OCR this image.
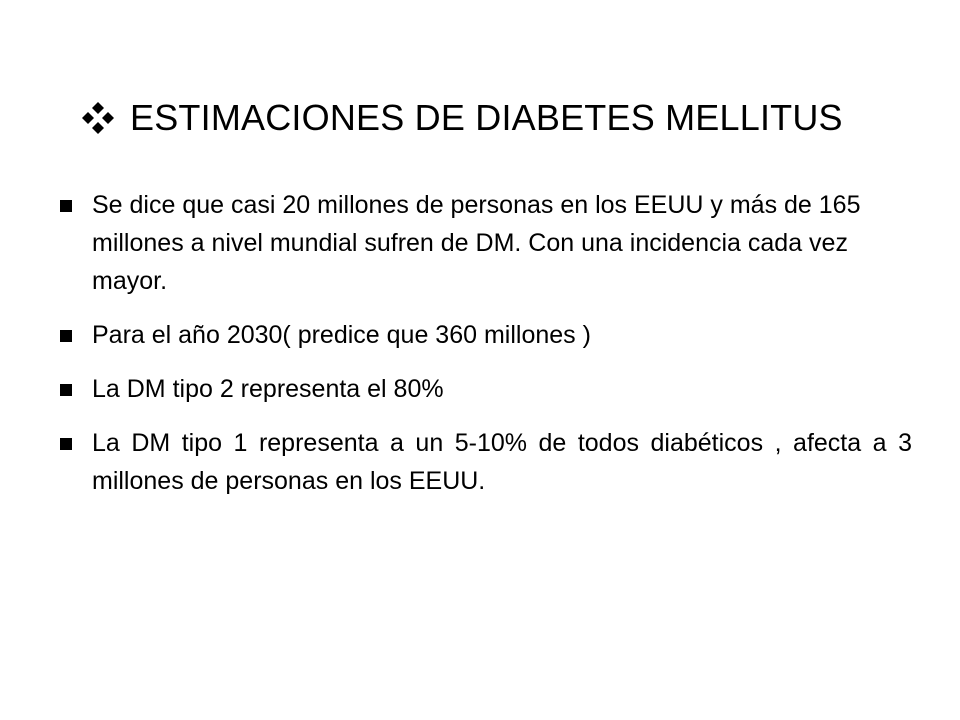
ESTIMACIONES DE DIABETES MELLITUS
Se dice que casi 20 millones de personas en los EEUU y más de 165 millones a nivel mundial sufren de DM. Con una incidencia cada vez mayor.
Para el año 2030( predice que 360 millones )
La DM tipo 2 representa el 80%
La DM tipo 1 representa a un 5-10% de todos diabéticos , afecta a 3 millones de personas en los EEUU.
